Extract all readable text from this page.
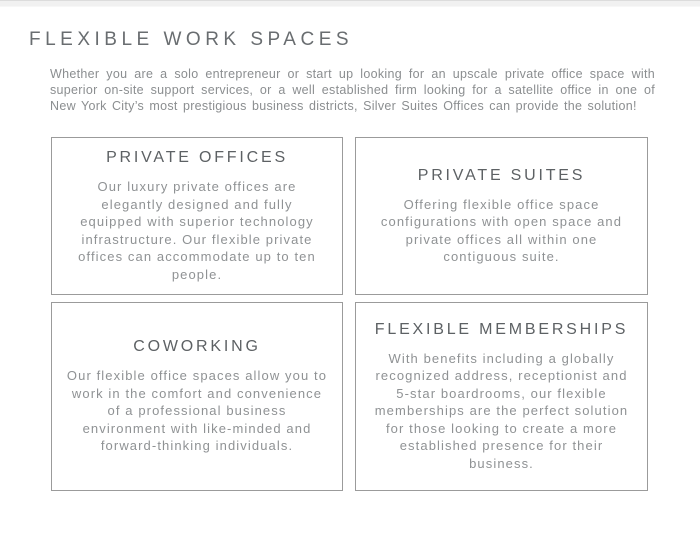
FLEXIBLE WORK SPACES

Whether you are a solo entrepreneur or start up looking for an upscale private office space with superior on-site support services, or a well established firm looking for a satellite office in one of New York City’s most prestigious business districts, Silver Suites Offices can provide the solution!

PRIVATE OFFICES

Our luxury private offices are elegantly designed and fully equipped with superior technology infrastructure. Our flexible private offices can accommodate up to ten people.

PRIVATE SUITES

Offering flexible office space configurations with open space and private offices all within one contiguous suite.

COWORKING

Our flexible office spaces allow you to work in the comfort and convenience of a professional business environment with like-minded and forward-thinking individuals.

FLEXIBLE MEMBERSHIPS

With benefits including a globally recognized address, receptionist and 5-star boardrooms, our flexible memberships are the perfect solution for those looking to create a more established presence for their business.
